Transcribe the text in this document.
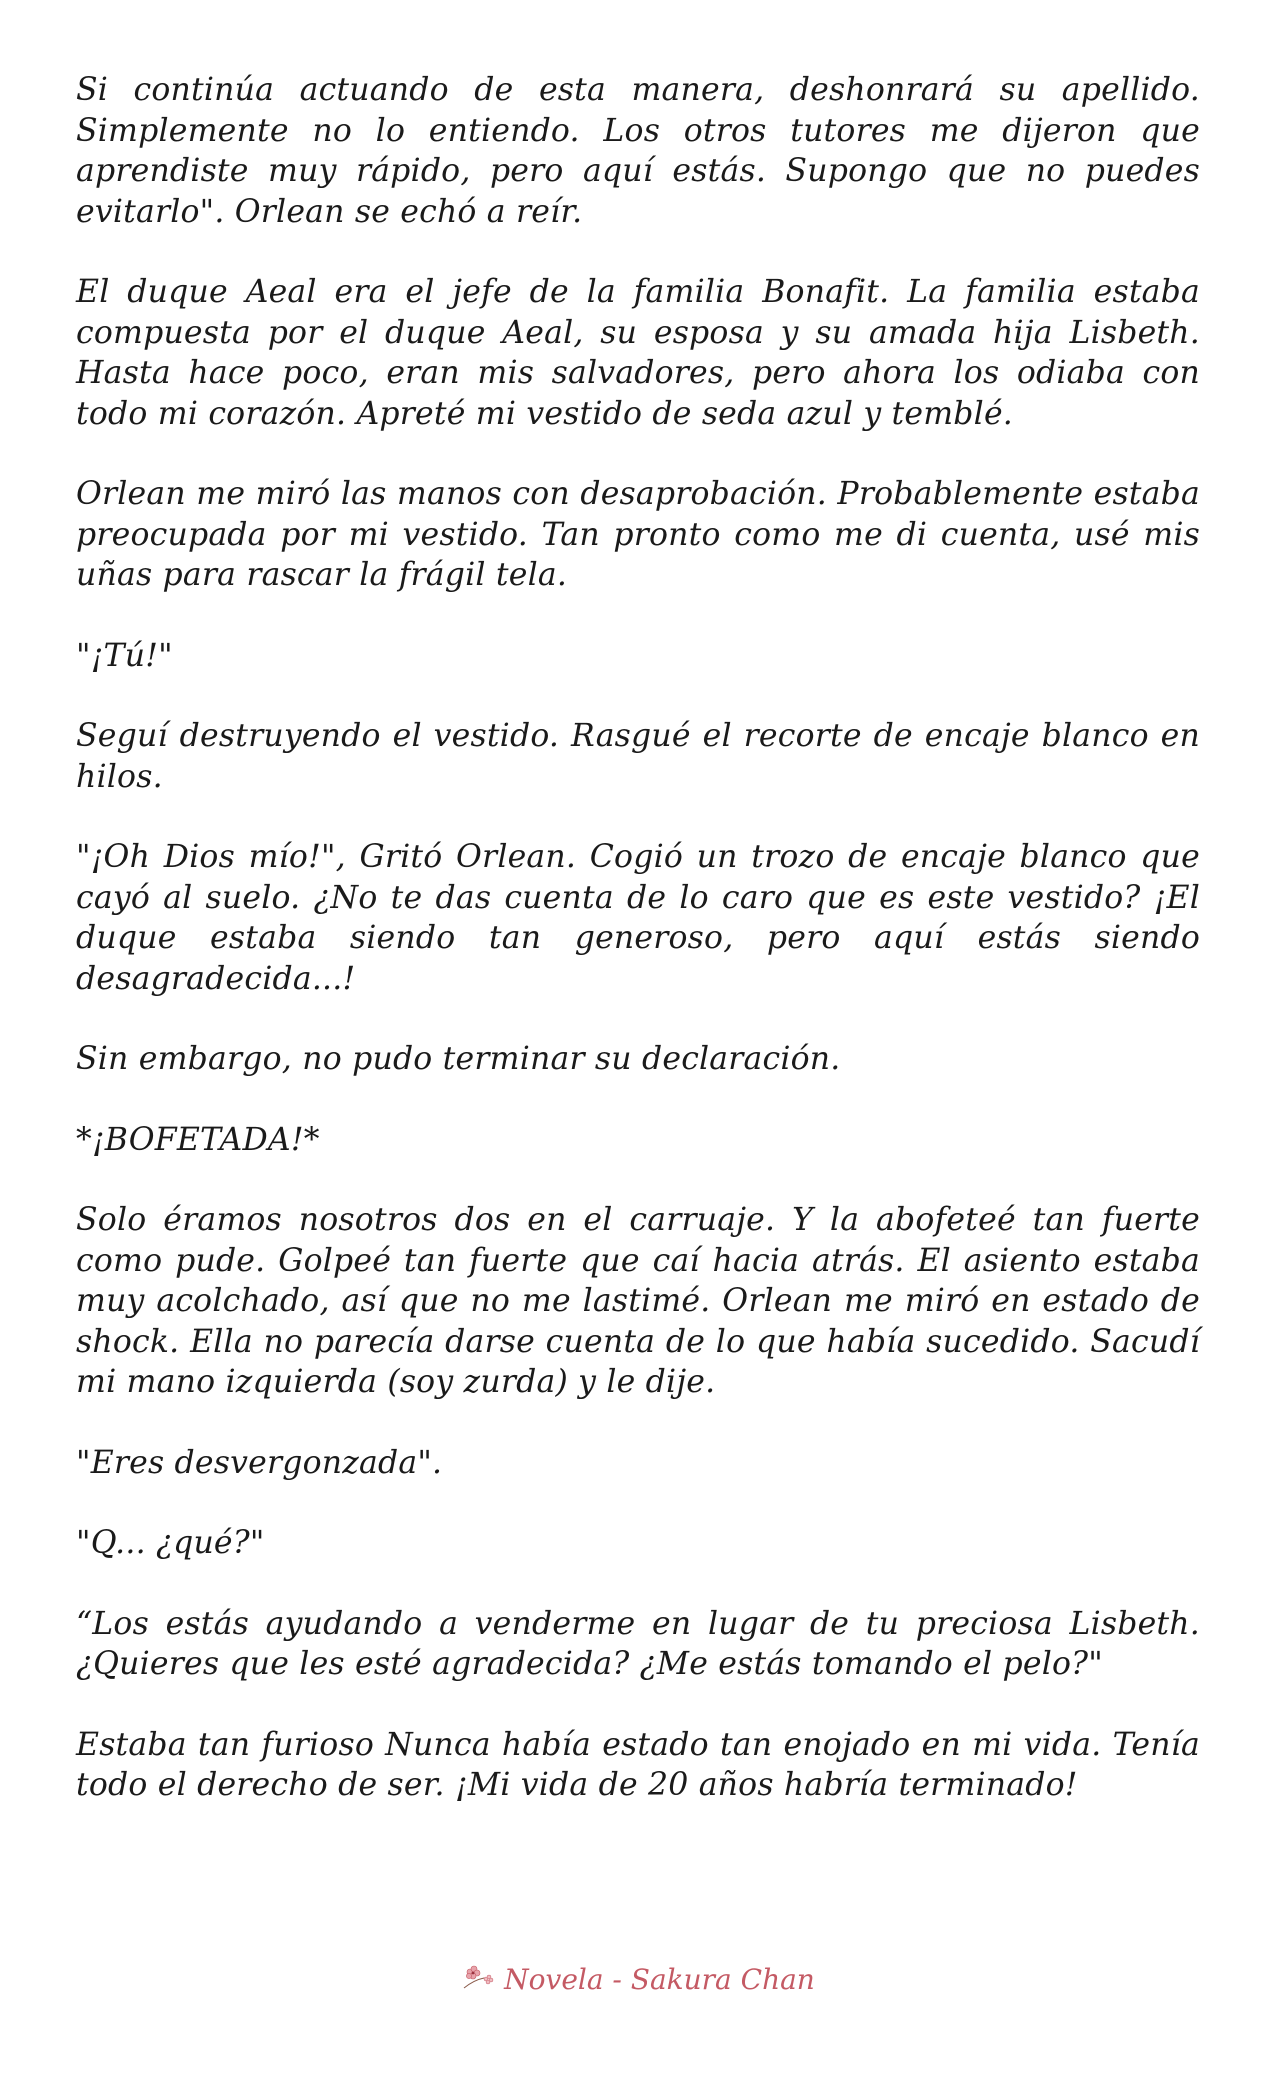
Si continúa actuando de esta manera, deshonrará su apellido. Simplemente no lo entiendo. Los otros tutores me dijeron que aprendiste muy rápido, pero aquí estás. Supongo que no puedes evitarlo". Orlean se echó a reír.

El duque Aeal era el jefe de la familia Bonafit. La familia estaba compuesta por el duque Aeal, su esposa y su amada hija Lisbeth. Hasta hace poco, eran mis salvadores, pero ahora los odiaba con todo mi corazón. Apreté mi vestido de seda azul y temblé.

Orlean me miró las manos con desaprobación. Probablemente estaba preocupada por mi vestido. Tan pronto como me di cuenta, usé mis uñas para rascar la frágil tela.

"¡Tú!"

Seguí destruyendo el vestido. Rasgué el recorte de encaje blanco en hilos.

"¡Oh Dios mío!", Gritó Orlean. Cogió un trozo de encaje blanco que cayó al suelo. ¿No te das cuenta de lo caro que es este vestido? ¡El duque estaba siendo tan generoso, pero aquí estás siendo desagradecida...!

Sin embargo, no pudo terminar su declaración.

*¡BOFETADA!*

Solo éramos nosotros dos en el carruaje. Y la abofeteé tan fuerte como pude. Golpeé tan fuerte que caí hacia atrás. El asiento estaba muy acolchado, así que no me lastimé. Orlean me miró en estado de shock. Ella no parecía darse cuenta de lo que había sucedido. Sacudí mi mano izquierda (soy zurda) y le dije.

"Eres desvergonzada".

"Q... ¿qué?"

“Los estás ayudando a venderme en lugar de tu preciosa Lisbeth. ¿Quieres que les esté agradecida? ¿Me estás tomando el pelo?"

Estaba tan furioso Nunca había estado tan enojado en mi vida. Tenía todo el derecho de ser. ¡Mi vida de 20 años habría terminado!

Novela - Sakura Chan
